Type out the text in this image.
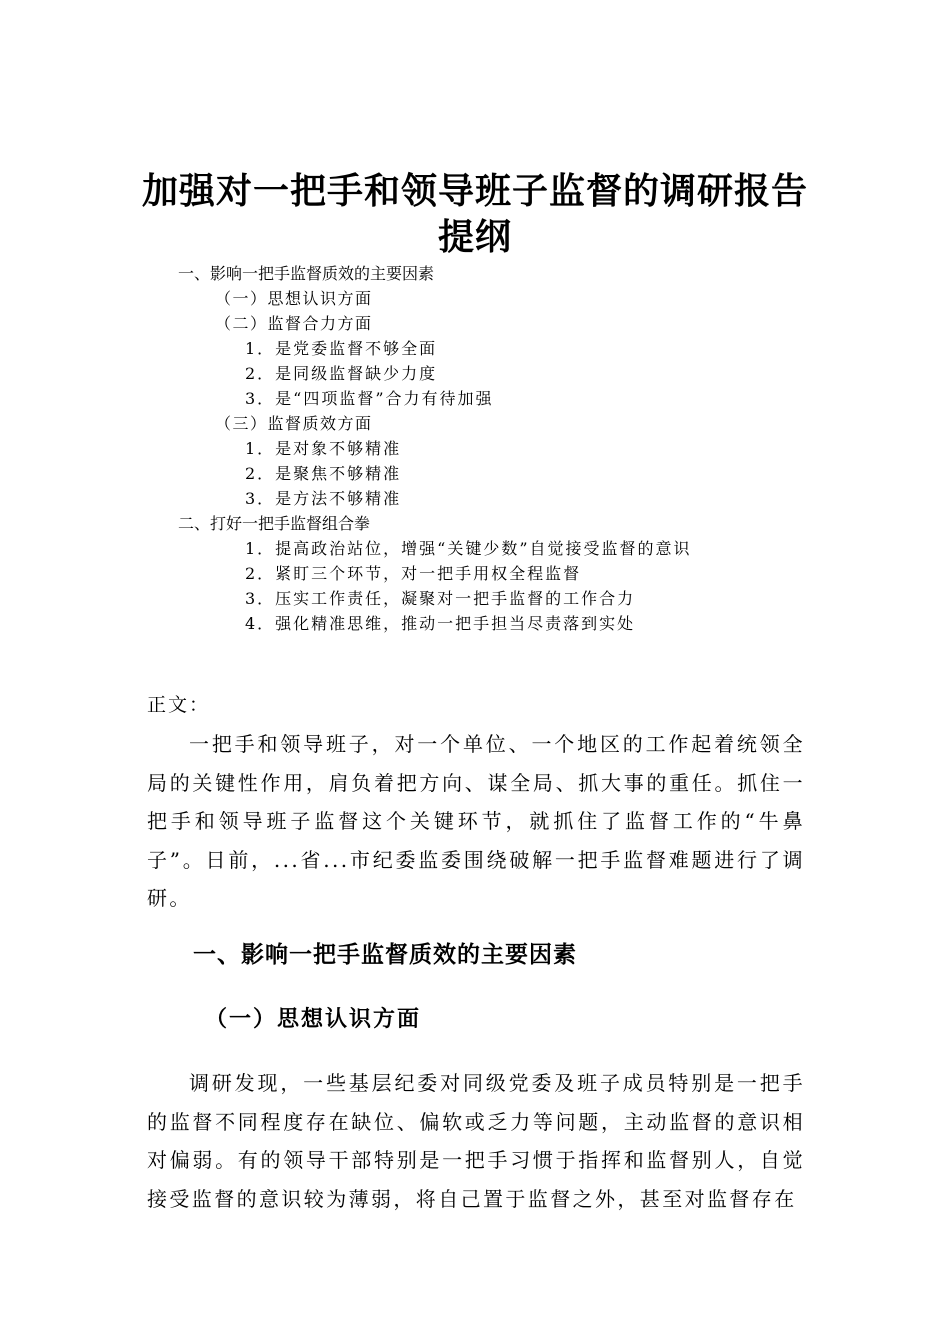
加强对一把手和领导班子监督的调研报告
提纲
一、影响一把手监督质效的主要因素
（一）思想认识方面
（二）监督合力方面
1．是党委监督不够全面
2．是同级监督缺少力度
3．是“四项监督”合力有待加强
（三）监督质效方面
1．是对象不够精准
2．是聚焦不够精准
3．是方法不够精准
二、打好一把手监督组合拳
1．提高政治站位，增强“关键少数”自觉接受监督的意识
2．紧盯三个环节，对一把手用权全程监督
3．压实工作责任，凝聚对一把手监督的工作合力
4．强化精准思维，推动一把手担当尽责落到实处
正文：

一把手和领导班子，对一个单位、一个地区的工作起着统领全局的关键性作用，肩负着把方向、谋全局、抓大事的重任。抓住一把手和领导班子监督这个关键环节，就抓住了监督工作的“牛鼻子”。日前，...省...市纪委监委围绕破解一把手监督难题进行了调研。

一、影响一把手监督质效的主要因素
（一）思想认识方面

调研发现，一些基层纪委对同级党委及班子成员特别是一把手的监督不同程度存在缺位、偏软或乏力等问题，主动监督的意识相对偏弱。有的领导干部特别是一把手习惯于指挥和监督别人，自觉接受监督的意识较为薄弱，将自己置于监督之外，甚至对监督存在
